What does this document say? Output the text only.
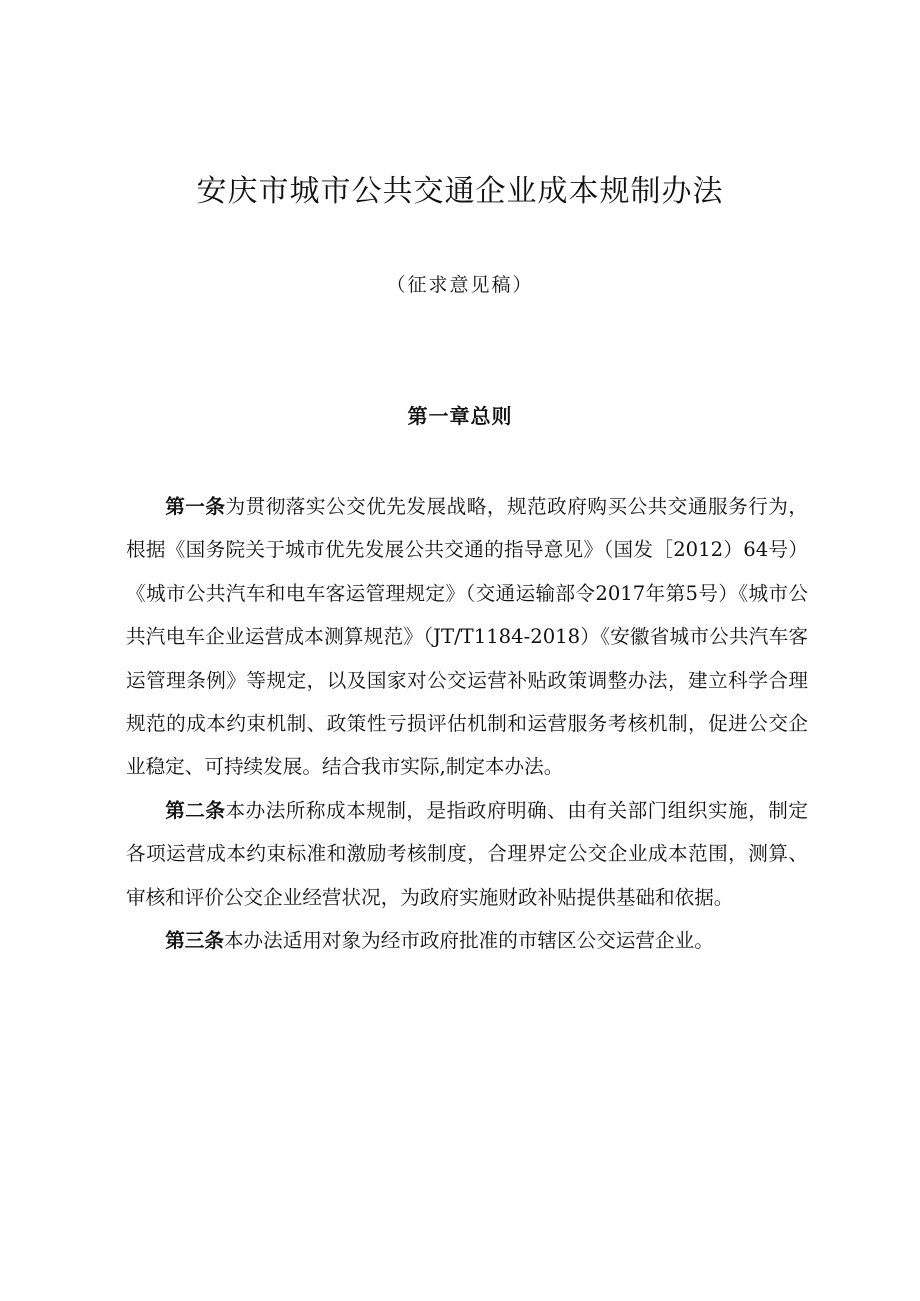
安庆市城市公共交通企业成本规制办法

（征求意见稿）

第一章总则

第一条为贯彻落实公交优先发展战略，规范政府购买公共交通服务行为，根据《国务院关于城市优先发展公共交通的指导意见》（国发［2012）64号）《城市公共汽车和电车客运管理规定》（交通运输部令2017年第5号）《城市公共汽电车企业运营成本测算规范》（JT/T1184-2018）《安徽省城市公共汽车客运管理条例》等规定，以及国家对公交运营补贴政策调整办法，建立科学合理规范的成本约束机制、政策性亏损评估机制和运营服务考核机制，促进公交企业稳定、可持续发展。结合我市实际,制定本办法。

第二条本办法所称成本规制，是指政府明确、由有关部门组织实施，制定各项运营成本约束标准和激励考核制度，合理界定公交企业成本范围，测算、审核和评价公交企业经营状况，为政府实施财政补贴提供基础和依据。

第三条本办法适用对象为经市政府批准的市辖区公交运营企业。
